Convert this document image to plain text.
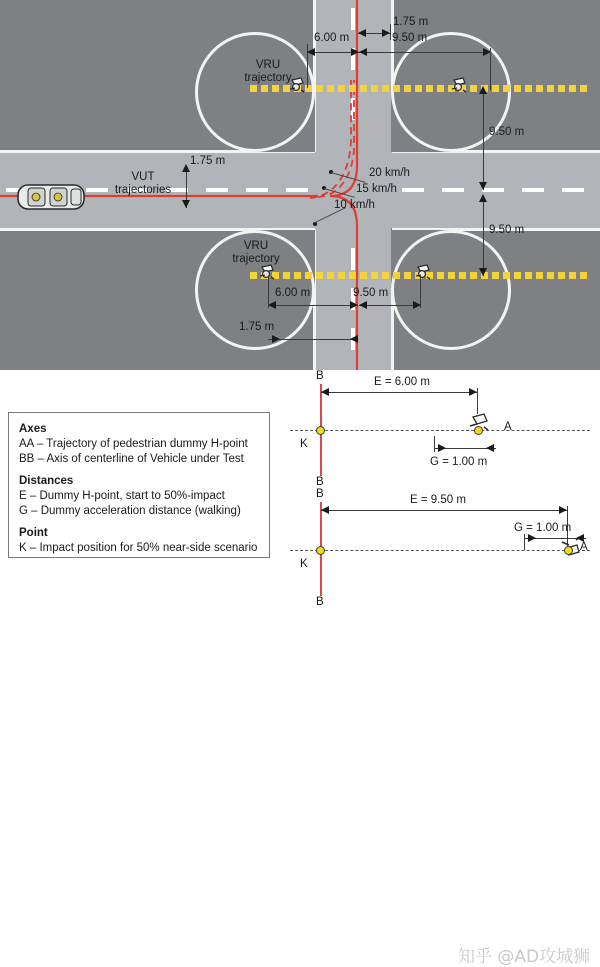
VRU
trajectory
VRU
trajectory
VUT
trajectories
20 km/h
15 km/h
10 km/h
1.75 m
6.00 m	9.50 m
1.75 m
9.50 m
9.50 m
6.00 m	9.50 m
1.75 m
Axes
AA – Trajectory of pedestrian dummy H-point
BB – Axis of centerline of Vehicle under Test
Distances
E – Dummy H-point, start to 50%-impact
G – Dummy acceleration distance (walking)
Point
K – Impact position for 50% near-side scenario
B
B
K
A
E = 6.00 m
G = 1.00 m
B
B
K
A
E = 9.50 m
G = 1.00 m
知乎 @AD攻城狮
